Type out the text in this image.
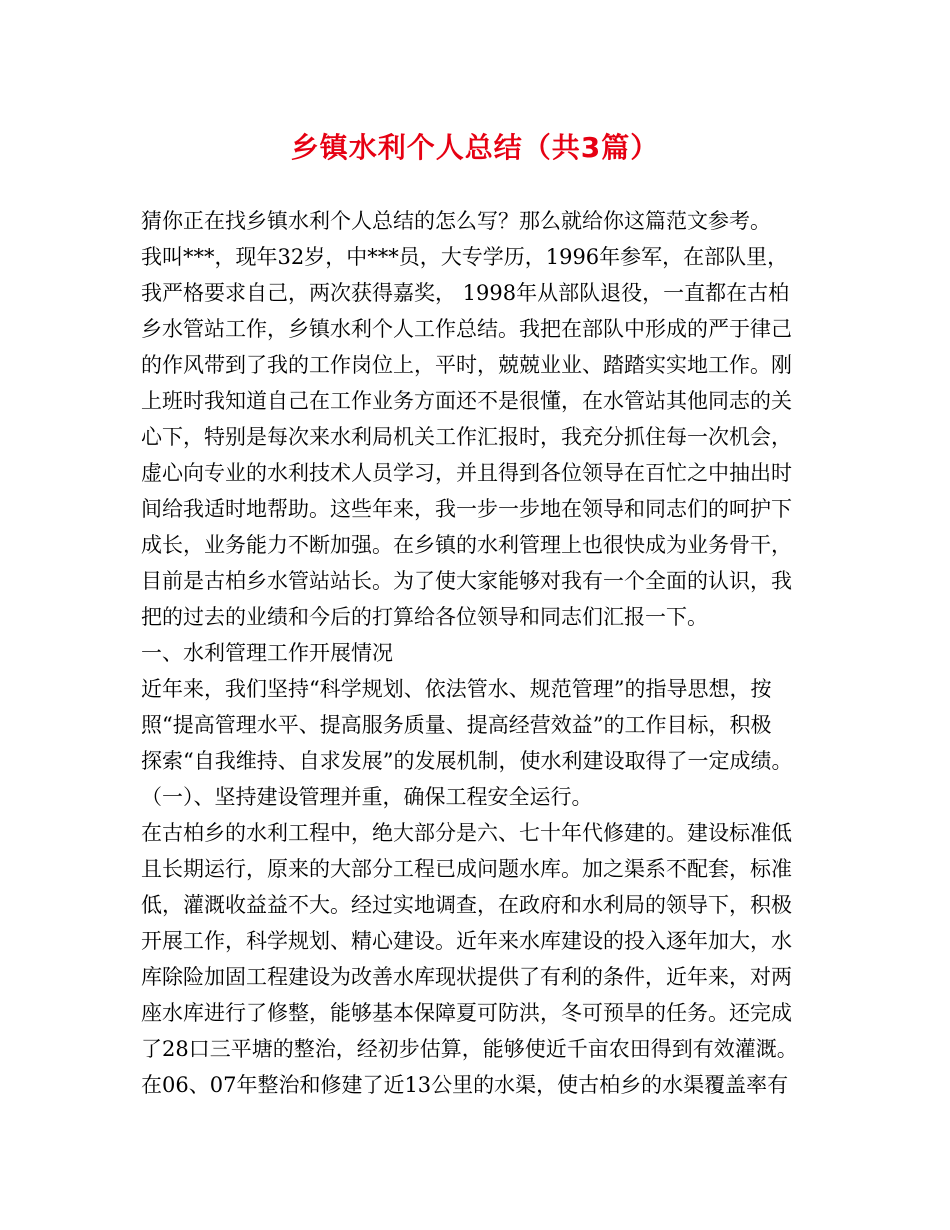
乡镇水利个人总结（共3篇）
猜你正在找乡镇水利个人总结的怎么写？那么就给你这篇范文参考。
我叫***，现年32岁，中***员，大专学历，1996年参军，在部队里，
我严格要求自己，两次获得嘉奖， 1998年从部队退役，一直都在古柏
乡水管站工作，乡镇水利个人工作总结。我把在部队中形成的严于律己
的作风带到了我的工作岗位上，平时，兢兢业业、踏踏实实地工作。刚
上班时我知道自己在工作业务方面还不是很懂，在水管站其他同志的关
心下，特别是每次来水利局机关工作汇报时，我充分抓住每一次机会，
虚心向专业的水利技术人员学习，并且得到各位领导在百忙之中抽出时
间给我适时地帮助。这些年来，我一步一步地在领导和同志们的呵护下
成长，业务能力不断加强。在乡镇的水利管理上也很快成为业务骨干，
目前是古柏乡水管站站长。为了使大家能够对我有一个全面的认识，我
把的过去的业绩和今后的打算给各位领导和同志们汇报一下。
一、水利管理工作开展情况
近年来，我们坚持“科学规划、依法管水、规范管理”的指导思想，按
照“提高管理水平、提高服务质量、提高经营效益”的工作目标，积极
探索“自我维持、自求发展”的发展机制，使水利建设取得了一定成绩。
（一）、坚持建设管理并重，确保工程安全运行。
在古柏乡的水利工程中，绝大部分是六、七十年代修建的。建设标准低
且长期运行，原来的大部分工程已成问题水库。加之渠系不配套，标准
低，灌溉收益益不大。经过实地调查，在政府和水利局的领导下，积极
开展工作，科学规划、精心建设。近年来水库建设的投入逐年加大，水
库除险加固工程建设为改善水库现状提供了有利的条件，近年来，对两
座水库进行了修整，能够基本保障夏可防洪，冬可预旱的任务。还完成
了28口三平塘的整治，经初步估算，能够使近千亩农田得到有效灌溉。
在06、07年整治和修建了近13公里的水渠，使古柏乡的水渠覆盖率有
